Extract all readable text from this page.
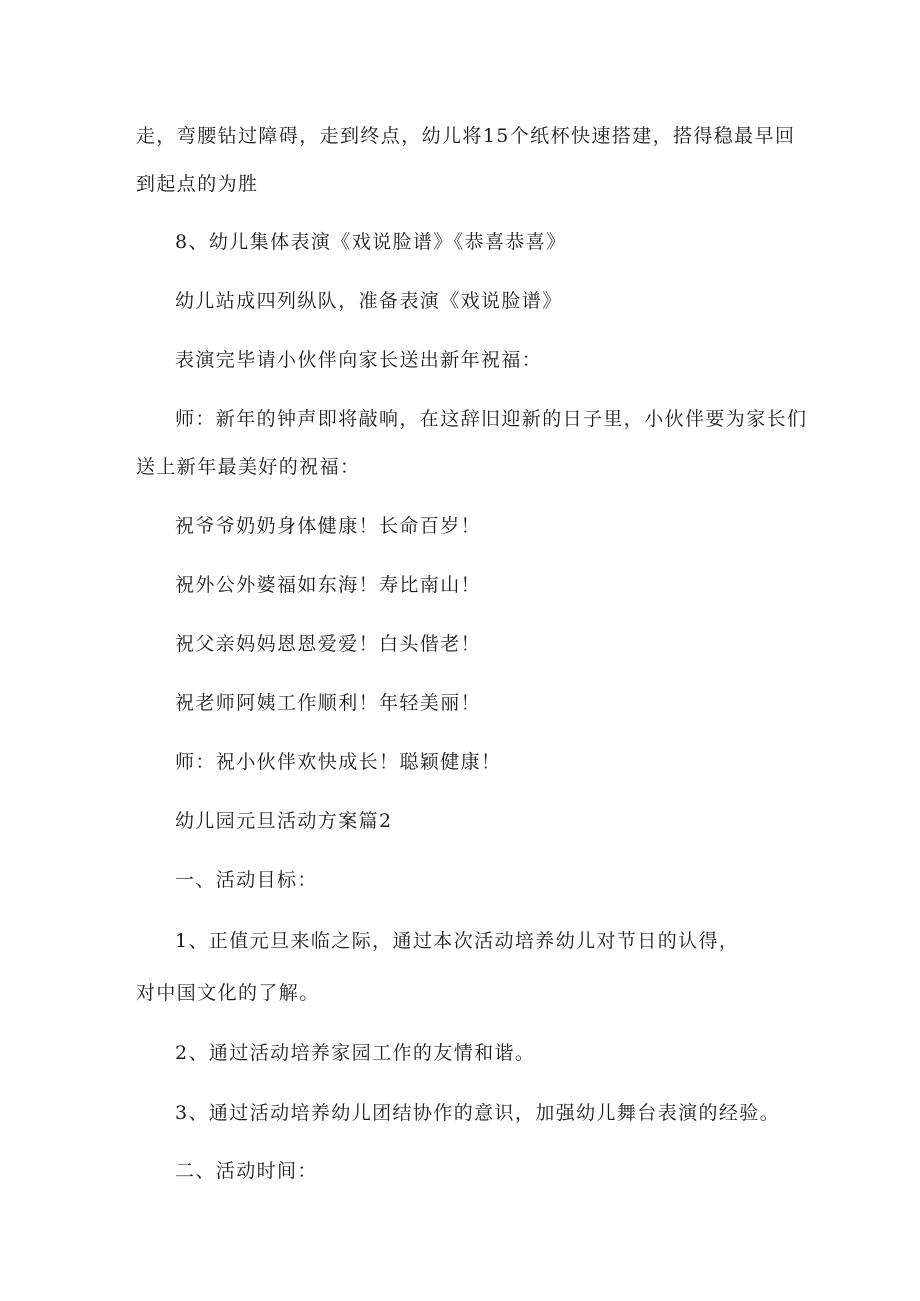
走，弯腰钻过障碍，走到终点，幼儿将15个纸杯快速搭建，搭得稳最早回
到起点的为胜
8、幼儿集体表演《戏说脸谱》《恭喜恭喜》
幼儿站成四列纵队，准备表演《戏说脸谱》
表演完毕请小伙伴向家长送出新年祝福：
师：新年的钟声即将敲响，在这辞旧迎新的日子里，小伙伴要为家长们
送上新年最美好的祝福：
祝爷爷奶奶身体健康！长命百岁！
祝外公外婆福如东海！寿比南山！
祝父亲妈妈恩恩爱爱！白头偕老！
祝老师阿姨工作顺利！年轻美丽！
师：祝小伙伴欢快成长！聪颖健康！
幼儿园元旦活动方案篇2
一、活动目标：
1、正值元旦来临之际，通过本次活动培养幼儿对节日的认得，
对中国文化的了解。
2、通过活动培养家园工作的友情和谐。
3、通过活动培养幼儿团结协作的意识，加强幼儿舞台表演的经验。
二、活动时间：
